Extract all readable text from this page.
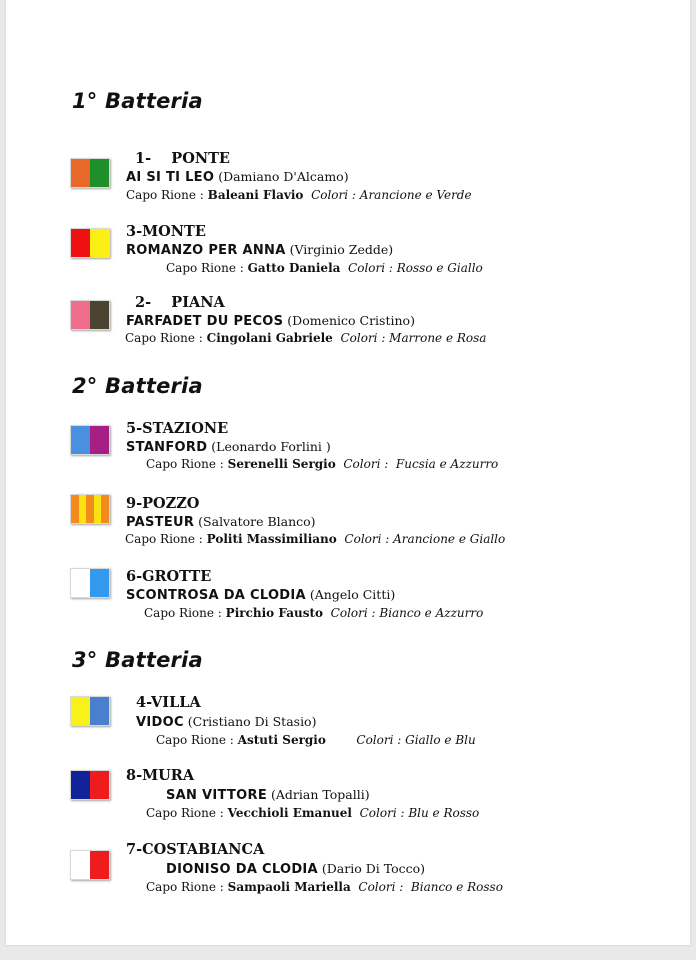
1° Batteria
1-    PONTE
AI SI TI LEO (Damiano D'Alcamo)
Capo Rione : Baleani Flavio Colori : Arancione e Verde
3-MONTE
ROMANZO PER ANNA (Virginio Zedde)
Capo Rione : Gatto Daniela Colori : Rosso e Giallo
2-    PIANA
FARFADET DU PECOS (Domenico Cristino)
Capo Rione : Cingolani Gabriele Colori : Marrone e Rosa
2° Batteria
5-STAZIONE
STANFORD (Leonardo Forlini )
Capo Rione : Serenelli Sergio Colori :  Fucsia e Azzurro
9-POZZO
PASTEUR (Salvatore Blanco)
Capo Rione : Politi Massimiliano Colori : Arancione e Giallo
6-GROTTE
SCONTROSA DA CLODIA (Angelo Citti)
Capo Rione : Pirchio Fausto Colori : Bianco e Azzurro
3° Batteria
4-VILLA
VIDOC (Cristiano Di Stasio)
Capo Rione : Astuti Sergio	Colori : Giallo e Blu
8-MURA
SAN VITTORE (Adrian Topalli)
Capo Rione : Vecchioli Emanuel Colori : Blu e Rosso
7-COSTABIANCA
DIONISO DA CLODIA (Dario Di Tocco)
Capo Rione : Sampaoli Mariella Colori :  Bianco e Rosso
